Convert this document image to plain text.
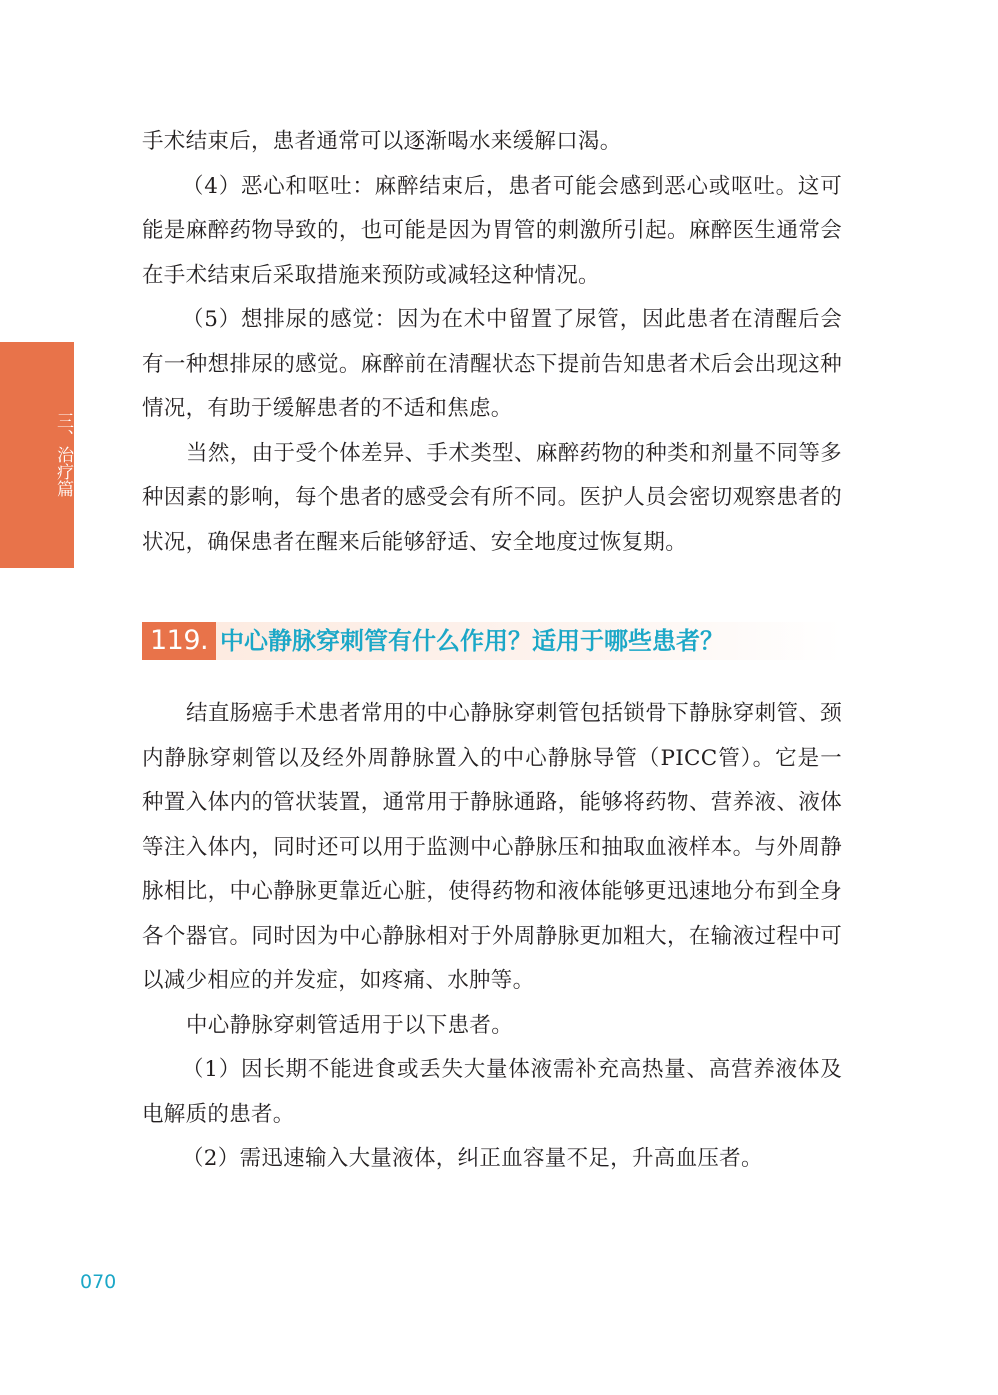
三、治疗篇

手术结束后，患者通常可以逐渐喝水来缓解口渴。

（4）恶心和呕吐：麻醉结束后，患者可能会感到恶心或呕吐。这可能是麻醉药物导致的，也可能是因为胃管的刺激所引起。麻醉医生通常会在手术结束后采取措施来预防或减轻这种情况。

（5）想排尿的感觉：因为在术中留置了尿管，因此患者在清醒后会有一种想排尿的感觉。麻醉前在清醒状态下提前告知患者术后会出现这种情况，有助于缓解患者的不适和焦虑。

当然，由于受个体差异、手术类型、麻醉药物的种类和剂量不同等多种因素的影响，每个患者的感受会有所不同。医护人员会密切观察患者的状况，确保患者在醒来后能够舒适、安全地度过恢复期。

119. 中心静脉穿刺管有什么作用？适用于哪些患者？

结直肠癌手术患者常用的中心静脉穿刺管包括锁骨下静脉穿刺管、颈内静脉穿刺管以及经外周静脉置入的中心静脉导管（PICC管）。它是一种置入体内的管状装置，通常用于静脉通路，能够将药物、营养液、液体等注入体内，同时还可以用于监测中心静脉压和抽取血液样本。与外周静脉相比，中心静脉更靠近心脏，使得药物和液体能够更迅速地分布到全身各个器官。同时因为中心静脉相对于外周静脉更加粗大，在输液过程中可以减少相应的并发症，如疼痛、水肿等。

中心静脉穿刺管适用于以下患者。

（1）因长期不能进食或丢失大量体液需补充高热量、高营养液体及电解质的患者。

（2）需迅速输入大量液体，纠正血容量不足，升高血压者。

070
